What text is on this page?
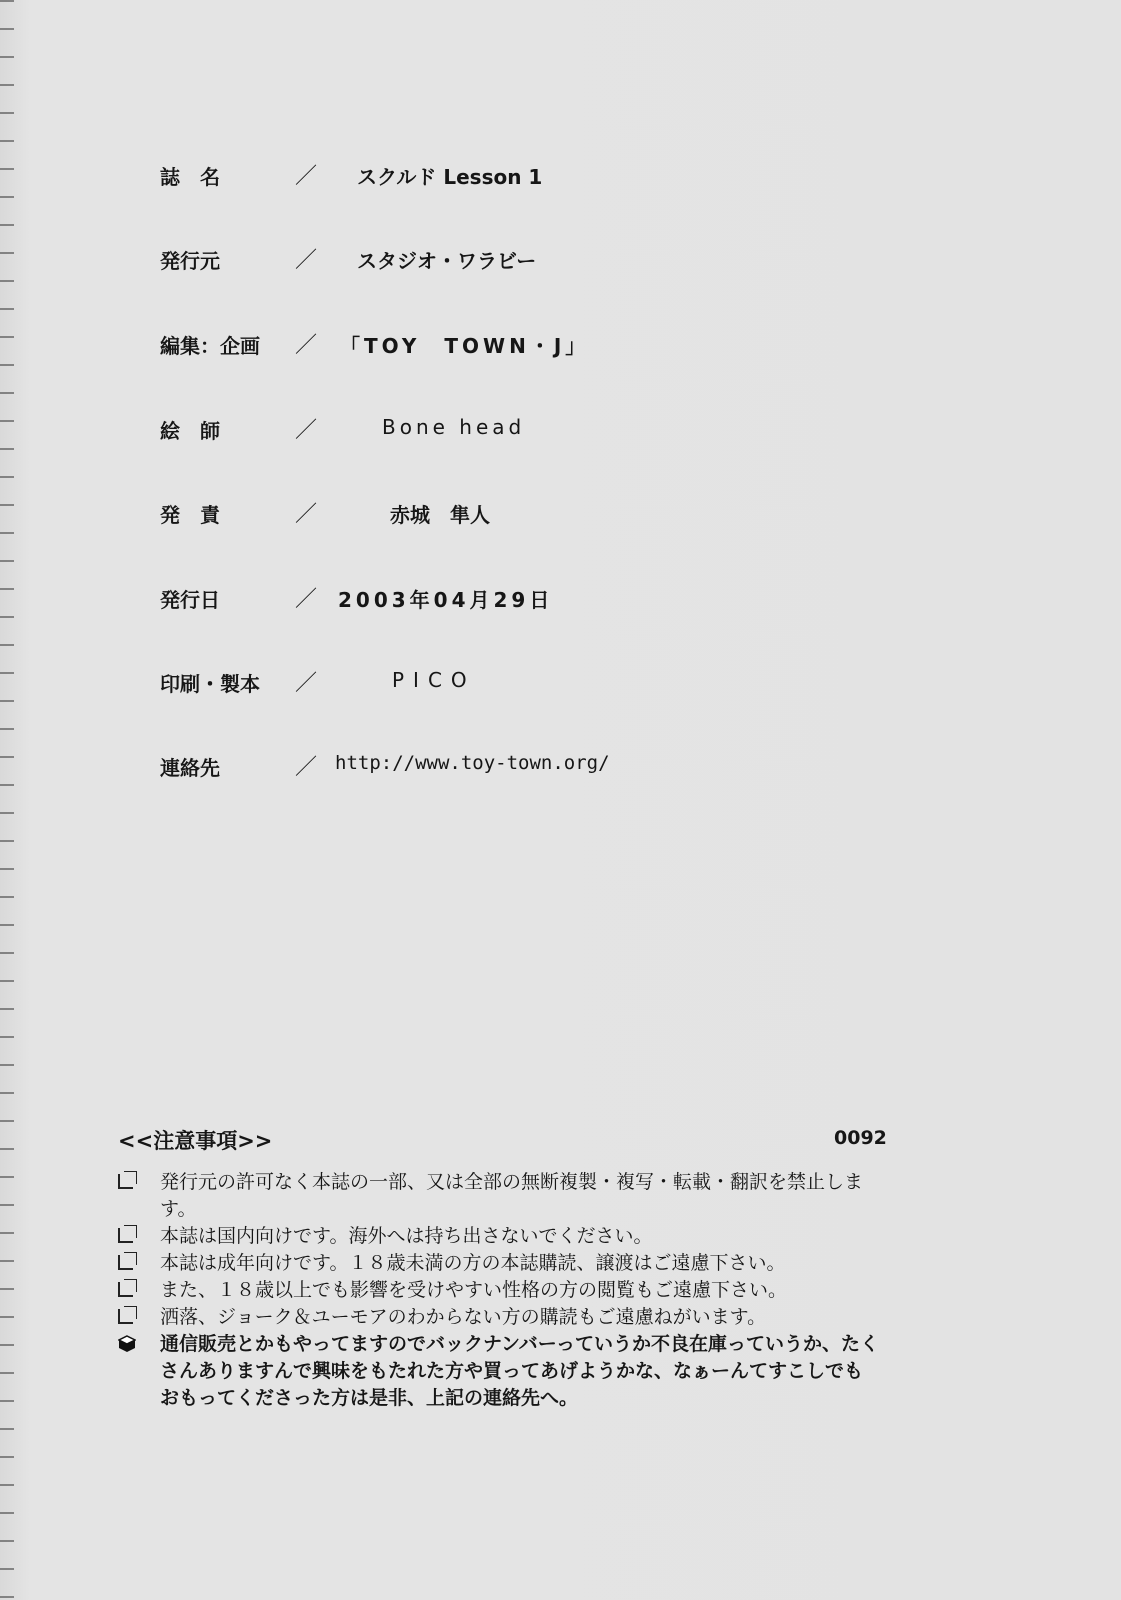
誌　名	／ スクルド Lesson 1
発行元	／ スタジオ・ワラビー
編集：企画	／ 「TOY　TOWN・J」
絵　師	／	Bone head
発　責	／	赤城　隼人
発行日	／ 2003年04月29日
印刷・製本	／	PICO
連絡先	／ http://www.toy-town.org/
<<注意事項>>	0092
発行元の許可なく本誌の一部、又は全部の無断複製・複写・転載・翻訳を禁止します。
本誌は国内向けです。海外へは持ち出さないでください。
本誌は成年向けです。１８歳未満の方の本誌購読、譲渡はご遠慮下さい。
また、１８歳以上でも影響を受けやすい性格の方の閲覧もご遠慮下さい。
洒落、ジョーク＆ユーモアのわからない方の購読もご遠慮ねがいます。
通信販売とかもやってますのでバックナンバーっていうか不良在庫っていうか、たくさんありますんで興味をもたれた方や買ってあげようかな、なぁーんてすこしでもおもってくださった方は是非、上記の連絡先へ。
